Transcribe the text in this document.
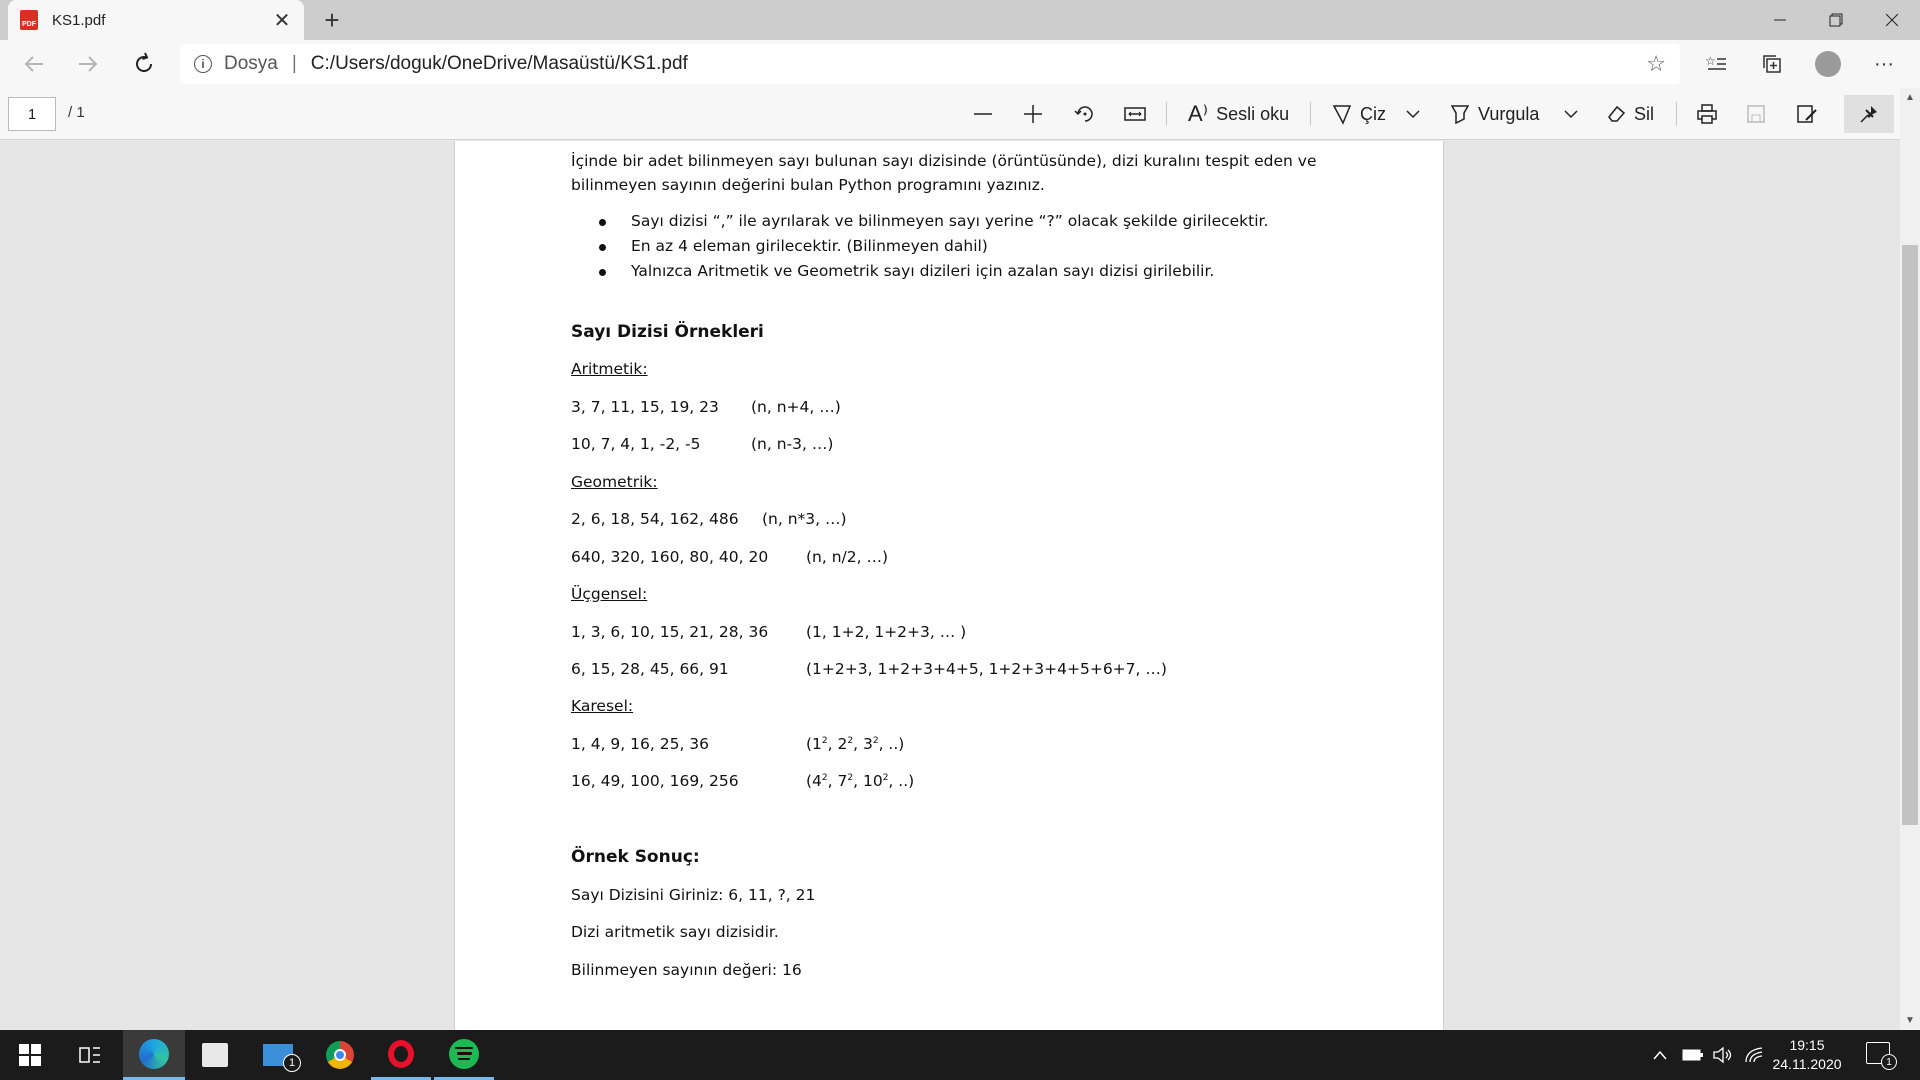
PDF KS1.pdf	✕	+
i	Dosya | C:/Users/doguk/OneDrive/Masaüstü/KS1.pdf	☆	☆	···
1	/ 1	A⁾ Sesli oku	Çiz	Vurgula	Sil
İçinde bir adet bilinmeyen sayı bulunan sayı dizisinde (örüntüsünde), dizi kuralını tespit eden ve
bilinmeyen sayının değerini bulan Python programını yazınız.
Sayı dizisi “,” ile ayrılarak ve bilinmeyen sayı yerine “?” olacak şekilde girilecektir.
En az 4 eleman girilecektir. (Bilinmeyen dahil)
Yalnızca Aritmetik ve Geometrik sayı dizileri için azalan sayı dizisi girilebilir.
Sayı Dizisi Örnekleri
Aritmetik:
3, 7, 11, 15, 19, 23 (n, n+4, …)
10, 7, 4, 1, -2, -5	(n, n-3, …)
Geometrik:
2, 6, 18, 54, 162, 486 (n, n*3, …)
640, 320, 160, 80, 40, 20 (n, n/2, …)
Üçgensel:
1, 3, 6, 10, 15, 21, 28, 36 (1, 1+2, 1+2+3, … )
6, 15, 28, 45, 66, 91	(1+2+3, 1+2+3+4+5, 1+2+3+4+5+6+7, …)
Karesel:
1, 4, 9, 16, 25, 36	($1^2$, $2^2$, $3^2$, ..)
16, 49, 100, 169, 256	($4^2$, $7^2$, $10^2$, ..)
Örnek Sonuç:
Sayı Dizisini Giriniz: 6, 11, ?, 21
Dizi aritmetik sayı dizisidir.
Bilinmeyen sayının değeri: 16
▲
▼
1
19:15
24.11.2020	1
